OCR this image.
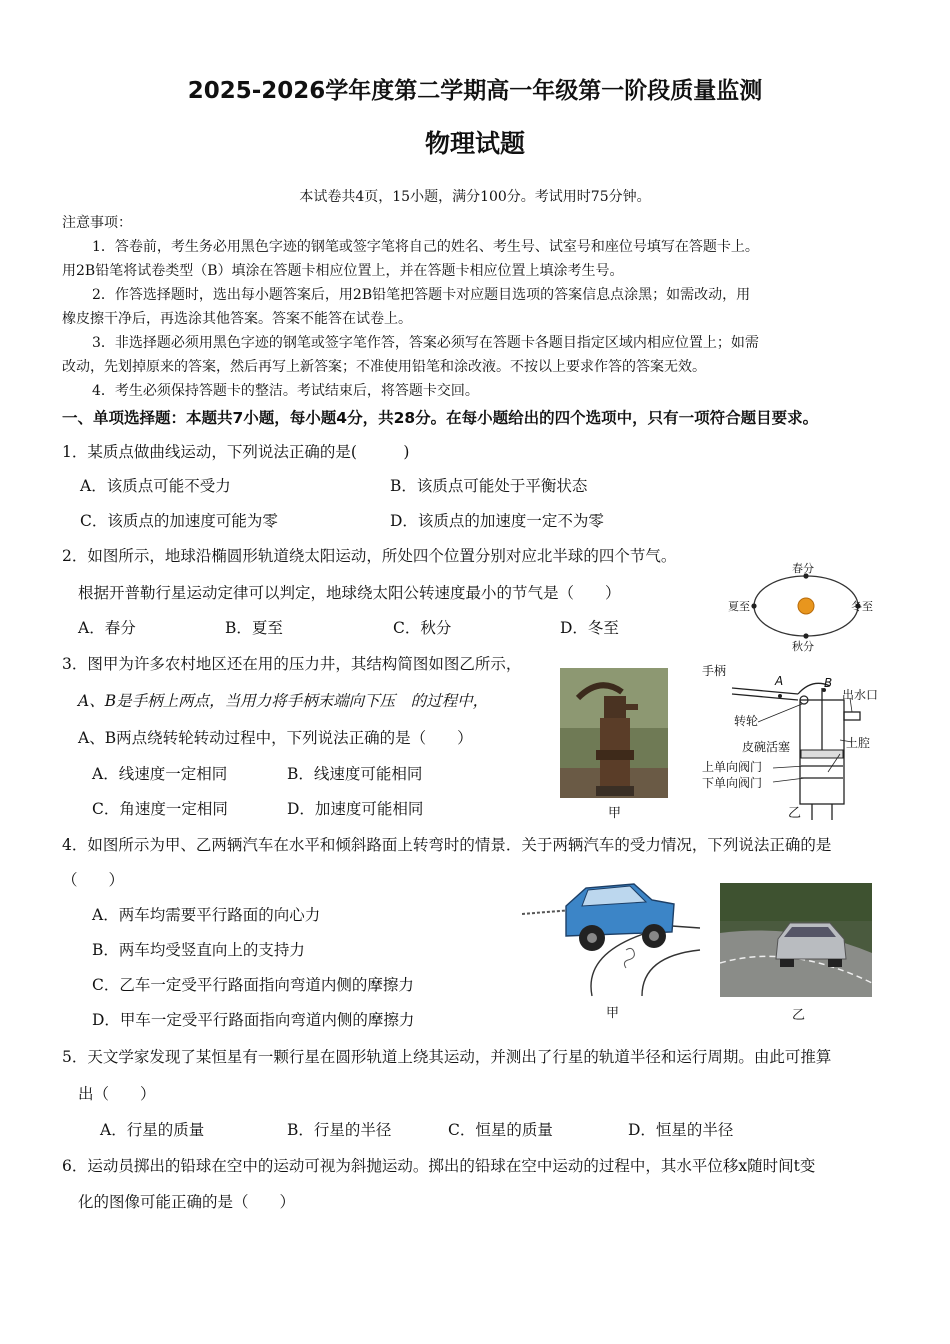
2025-2026学年度第二学期高一年级第一阶段质量监测
物理试题
本试卷共4页，15小题，满分100分。考试用时75分钟。
注意事项：
1．答卷前，考生务必用黑色字迹的钢笔或签字笔将自己的姓名、考生号、试室号和座位号填写在答题卡上。
用2B铅笔将试卷类型（B）填涂在答题卡相应位置上，并在答题卡相应位置上填涂考生号。
2．作答选择题时，选出每小题答案后，用2B铅笔把答题卡对应题目选项的答案信息点涂黑；如需改动，用
橡皮擦干净后，再选涂其他答案。答案不能答在试卷上。
3．非选择题必须用黑色字迹的钢笔或签字笔作答，答案必须写在答题卡各题目指定区域内相应位置上；如需
改动，先划掉原来的答案，然后再写上新答案；不准使用铅笔和涂改液。不按以上要求作答的答案无效。
4．考生必须保持答题卡的整洁。考试结束后，将答题卡交回。
一、单项选择题：本题共7小题，每小题4分，共28分。在每小题给出的四个选项中，只有一项符合题目要求。
1．某质点做曲线运动，下列说法正确的是(　　　)
A．该质点可能不受力	B．该质点可能处于平衡状态
C．该质点的加速度可能为零	D．该质点的加速度一定不为零
2．如图所示，地球沿椭圆形轨道绕太阳运动，所处四个位置分别对应北半球的四个节气。
根据开普勒行星运动定律可以判定，地球绕太阳公转速度最小的节气是（　　）
A．春分	B．夏至	C．秋分	D．冬至
春分
秋分
夏至	冬至
3．图甲为许多农村地区还在用的压力井，其结构简图如图乙所示，
A、B是手柄上两点，当用力将手柄末端向下压　的过程中，
A、B两点绕转轮转动过程中，下列说法正确的是（　　）
A．线速度一定相同	B．线速度可能相同
C．角速度一定相同	D．加速度可能相同	甲
手柄
A	B
出水口
转轮
上腔
皮碗活塞
上单向阀门
下单向阀门
乙
4．如图所示为甲、乙两辆汽车在水平和倾斜路面上转弯时的情景．关于两辆汽车的受力情况，下列说法正确的是
（　　）
A．两车均需要平行路面的向心力
B．两车均受竖直向上的支持力
C．乙车一定受平行路面指向弯道内侧的摩擦力
D．甲车一定受平行路面指向弯道内侧的摩擦力	甲	乙
5．天文学家发现了某恒星有一颗行星在圆形轨道上绕其运动，并测出了行星的轨道半径和运行周期。由此可推算
出（　　）
A．行星的质量	B．行星的半径	C．恒星的质量	D．恒星的半径
6．运动员掷出的铅球在空中的运动可视为斜抛运动。掷出的铅球在空中运动的过程中，其水平位移x随时间t变
化的图像可能正确的是（　　）
